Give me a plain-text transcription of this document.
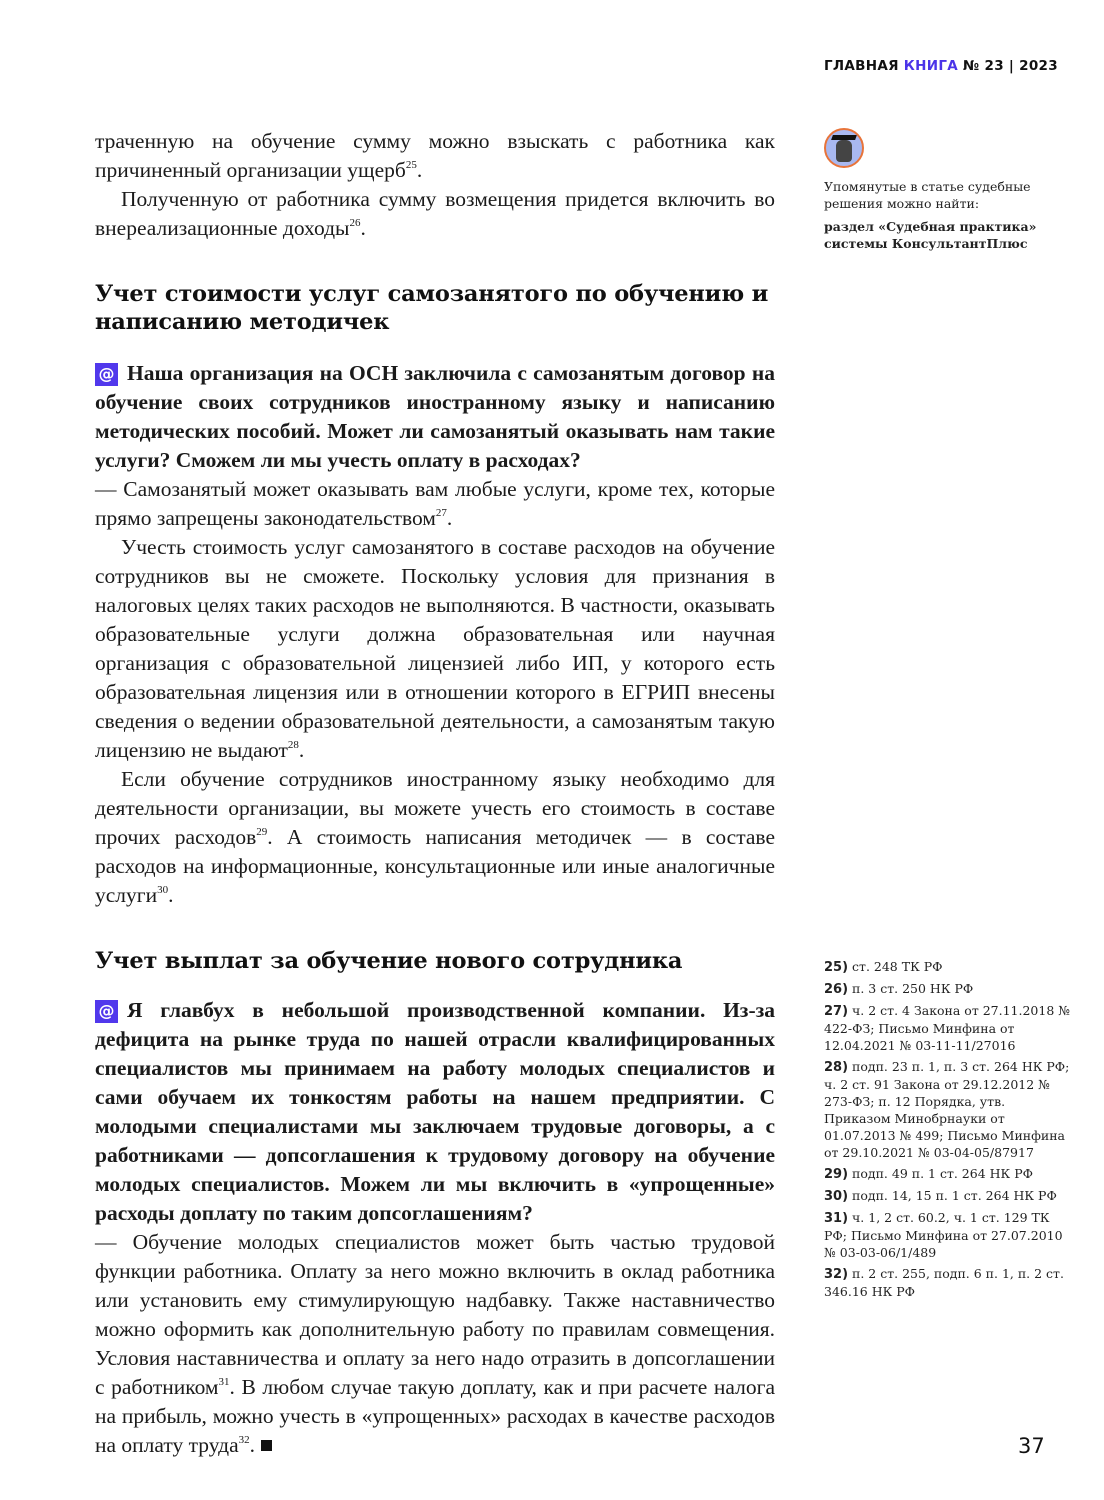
ГЛАВНАЯ КНИГА № 23 | 2023
Упомянутые в статье судебные решения можно найти:
раздел «Судебная практика» системы КонсультантПлюс

траченную на обучение сумму можно взыскать с работника как причиненный организации ущерб$^{25}$.

Полученную от работника сумму возмещения придется включить во внереализационные доходы$^{26}$.

Учет стоимости услуг самозанятого по обучению и написанию методичек

@ Наша организация на ОСН заключила с самозанятым договор на обучение своих сотрудников иностранному языку и написанию методических пособий. Может ли самозанятый оказывать нам такие услуги? Сможем ли мы учесть оплату в расходах?

— Самозанятый может оказывать вам любые услуги, кроме тех, которые прямо запрещены законодательством$^{27}$.

Учесть стоимость услуг самозанятого в составе расходов на обучение сотрудников вы не сможете. Поскольку условия для признания в налоговых целях таких расходов не выполняются. В частности, оказывать образовательные услуги должна образовательная или научная организация с образовательной лицензией либо ИП, у которого есть образовательная лицензия или в отношении которого в ЕГРИП внесены сведения о ведении образовательной деятельности, а самозанятым такую лицензию не выдают$^{28}$.

Если обучение сотрудников иностранному языку необходимо для деятельности организации, вы можете учесть его стоимость в составе прочих расходов$^{29}$. А стоимость написания методичек — в составе расходов на информационные, консультационные или иные аналогичные услуги$^{30}$.

Учет выплат за обучение нового сотрудника

@ Я главбух в небольшой производственной компании. Из-за дефицита на рынке труда по нашей отрасли квалифицированных специалистов мы принимаем на работу молодых специалистов и сами обучаем их тонкостям работы на нашем предприятии. С молодыми специалистами мы заключаем трудовые договоры, а с работниками — допсоглашения к трудовому договору на обучение молодых специалистов. Можем ли мы включить в «упрощенные» расходы доплату по таким допсоглашениям?

— Обучение молодых специалистов может быть частью трудовой функции работника. Оплату за него можно включить в оклад работника или установить ему стимулирующую надбавку. Также наставничество можно оформить как дополнительную работу по правилам совмещения. Условия наставничества и оплату за него надо отразить в допсоглашении с работником$^{31}$. В любом случае такую доплату, как и при расчете налога на прибыль, можно учесть в «упрощенных» расходах в качестве расходов на оплату труда$^{32}$.

25) ст. 248 ТК РФ
26) п. 3 ст. 250 НК РФ
27) ч. 2 ст. 4 Закона от 27.11.2018 № 422-ФЗ; Письмо Минфина от 12.04.2021 № 03-11-11/27016
28) подп. 23 п. 1, п. 3 ст. 264 НК РФ; ч. 2 ст. 91 Закона от 29.12.2012 № 273-ФЗ; п. 12 Порядка, утв. Приказом Минобрнауки от 01.07.2013 № 499; Письмо Минфина от 29.10.2021 № 03-04-05/87917
29) подп. 49 п. 1 ст. 264 НК РФ
30) подп. 14, 15 п. 1 ст. 264 НК РФ
31) ч. 1, 2 ст. 60.2, ч. 1 ст. 129 ТК РФ; Письмо Минфина от 27.07.2010 № 03-03-06/1/489
32) п. 2 ст. 255, подп. 6 п. 1, п. 2 ст. 346.16 НК РФ
37
